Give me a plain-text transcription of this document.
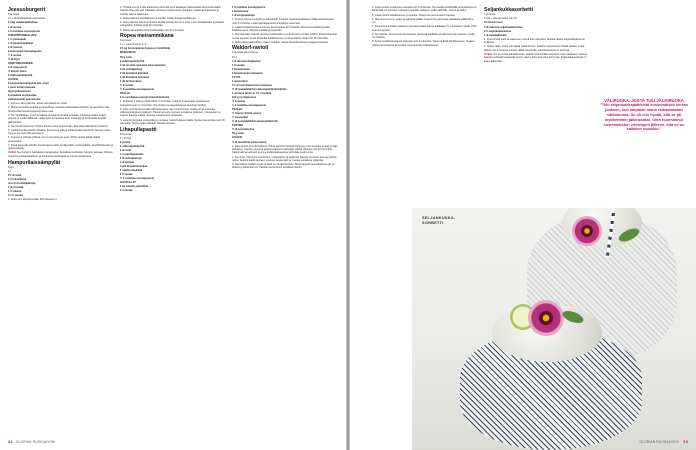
Jeesusburgerit

8 annosta

1 l + sämpylätaikinan kohotukset

1,2 kg naudanjauhelihaa

1 dl suolaa

1 tl ruokiltaa muotsippuria

PUNAPIPPURIHILLOKE

1 rs punasipuli

1 dl punaviinietikkaa

2 dl sokeria

2 kokonaista mustapippuria

¼ tl suolaa

½ dl öljyä

LIMETTIMAJONEESI

2 dl majoneesia

½ limetin mehu

2 valkosipulinkynttä

LISÄKSI

8 hampurilaissämpylää (kts. ohje)

1 pieni keräkyrsänpala

öljyä grillaamiseen

8 viipaletta mozzarellaa

(valinnaisesti) guacamolea

1. Jos teet sämpylät itse, aloita valmistaminen niistä.

2. Muoto jauheliha suolalla ja pippurilla ja muotoile kahdeksaksi pihviksi. Anna pihvien olla huoneenlämmössä kypsentymiseen asti.

3. Tee sipulihilloke. Kuori ja leikkaa punasipuli ohuiksi renkaiksi. Kiehauta etikka, sokeri, pippurit ja suola kattilassa. Lisää sipuli ja kiehauta uusi. Lisää öljy ja sirrä kattila lieydltä jäähtymään.

4. Tee limettimajoneesi. Puristu limetin mehu majoneesiin. Murskaa valkosipulit joukkoon.

5. Leikkaa keräkyrsästä viipaleita. Kuumenna grilli ja grillaa keräkyrsänlehtiin hieman väriä. Kuumenna uuni 200 asteeseen.

6. Kypsennä pihvejä grillissä noin 2 minuuttia per puoli. Pihvit saavat jäädä sisältä punertaviksi.

7. Täytä sämpylät pihvillä, limettimajoneesilla, keräkyrsällä, mozzarellalla, sipulihillokkeella (ja guacamolella).

Vinkki! Tee burgerin hauikkeksi mangosalsa. Sekoittele kuutioidun mangon seksaan chiliä ja muuttuva ruokakuukeltiaan ja kuutioitua punasipulia ja tuoretta korianteria.

Hampurilaissämpylät

8 kpl

2 l

2½ dl vettä

2 rl kuivahiivaa

noin 8 dl vehnäjauhoja

2 dl voisulaa

1 rl sokeria

1½ tl suolaa

1. Sulta uuni lämpenemään 225 asteeseen.

2. Yhdistä vesi ja muita kuihiosia ja lämmitä seos lisäkapan käskemässä lämpimämmäksi. Sekoita hiiva pieneen määrään jauhoja ja sekoita seos joukkoon. Lisää loput ainekset ja sekoita taikina tasaiseksi.

3. Alusta taikinaa pöydällä pari minuuttia. Lisää jauhoja tarvittaessa.

4. Anna taikinan kohota kulhossa liinalla peitettynä noin 1 tunti. Leivo kahdeksaksi pyöreäksi sämpyläksi. Kohota vielä 20 minuuttia.

5. Paista sämpylöitä uunin keskitasolla noin 20 minuuttia.

Ropea meirammikana

8 annosta

1 t + marinoiminen 2–4 t

1½ kg broileripaloja (koipia ja riistafileitä)

MEIRAMIVOI

50 g voita

2 valkosipulinkynttä

2 rkl tuoretta meiramia hienonnettuna

2 rkl vehnäjauhoja

2 rkl kuivattua inkiväriä

1 rkl kuivattua meiramia

1 rkl fariinisokeria

½ tl suolaa

¼ tl ruokiltaa mustapippuria

PAALLE

2 rl sormiliekes-muruja (maissihiutaleita)

1. Kiehauta 1 sekta ja lisää siihen 2 dl suolaa. Leikkaa broileripalat suolalinneen marinoidumaan 2–4 tunniksi. Ota broilerit suolaveddestä ja taputtele kuiviksi.

2. Laita uuni lämpenemään 200 asteeseen. Tee meirammivoi. Sulata voi ja murskaa valkosipulinkynnet joukkoon. Hienonna tuore meirami ja lisää se joukkoon, mausteiden ja sokerin kanssa sulattu. Sekoita meirammivoi tasaiseksi.

3. Laita broileripalat uunipeltille ja murskaa maissihiutaleet päälle. Kypsennä uunissa noin 40 minuuttia. Tarjoa ruoka raikkaan salaatin kanssa.

Lihapullapastti

8 annosta

1 t 10 min

2 sipulia

2 valkosipulinkynttä

1 dl voita

1 rl paprikajauhetta

1 dl vehnäjauhoja

1 dl kermaa

4 prk tomaattimurskaa

1 ruukku basilikaa

1 tl suolaa

½ tl ruokiltaa mustapippuria

LIHAPULLAT

1 kg naudan jauhelihaa

2 tl suolaa

1 tl ruokiltaa mustapippuria

1 kananmuna

1 dl korppujauhoja

1. Kuori ja hienonna sipulit ja valkosipulit. Kuullota sipuleita kattilassa voiöljysekoituksessa noin 5 minuuttia. Lisää paprikajauhetta ja kuullota vielä hetki.

2. Lisää tomaattimurska ja kerma. Anna kiehua 10 minuuttia. Hienonna basilika ja lisää kastikkeeseen. Mausta suolalla ja pippurilla.

3. Tee lihapullat. Sekoita ainekset keskenään ja pyöritä seos pieniksi pulliksi. Paista lihapullat voissa kypsiksi. Lisää lihapullat kastikkeeseen ja anna hautua vielä noin 45 minuuttia.

4. Keitä pasta pakkauksen ohjeen mukaan. Tarjoa lihapullat keitetyn spagetin kanssa.

Waldorf-ravioli

4 annosta alkuruokana

1½ t

4 dl durumvehnäjauhoa

1 tl suolaa

2 kananmunaa

2 kananmunan keltuaista

TÄYTE

1 varsiselleri

1½ dl ruotsalaista hienonnettuna

½ dl (saadahdahlia) valkosipulinkinkaimitulla

1 sitruuna (kuori ja 1½ rl mehua)

150 g ricottajuustoa

½ tl suolaa

¼ tl ruokiltaa mustapippuria

PÄÄLLE

½ Granny Smith) omena

½ varsiselleri

½ dl (saadahdahlia) saksanpähkinöitä

KASTIKE

½ dl omenamehua

50 g voita

LISÄKSI

½ dl raastettua parmesaania

1. Laita jauhot ja suola kulhoon. Paina jauhoon keskelle kuoppa ja riko keskelle munat ja lisää keltuaiset. Sekoita munat ja jauhot tasaiseksi taikinaksi. Alusta taikinaa noin 10 minuuttia. Käärä taikina kelmuun ja anna levätä jääkaapissa vähintään puoli tuntia.

2. Tee täyte. Hienonna varsiselleri, ruotsalainen ja pähkinät. Raasta sitruunan kuori ja purista mehu. Sekoita kaikki täytteen ainekset keskenään ja mausta suolalla ja pippurilla.

3. Jaa taikina neljään osaan ja kauli ne ohuiksi levyiksi. Nosta täytettä teelusikalla levylle ja taita levy kaksinkerroin. Painele reunat kiinni ja leikkaa raviolit.

32 GLORIAN RUOKA&VIINI

4. Keitä raviolit suolatussa vedessä noin 3 minuuttia. Tee kastike keittämällä omenamehua ja lisäämällä voi kylmänä nokareina samalla vatkaten. Lisää pähkinät, omena ja selleri.

5. Lisää raviolit kastikkeeseen ja sekoita. Tarjoa heti parmesaanin kanssa.

6. Hienonna omena, selleri ja pähkinät päälle. Kuumenna pannussa paahdetut pähkinät ja voi.

7. Kuumenna suolalla maustettu vesi kiehuvaksi isossa kattilassa (½ rl suolaa/2 l vettä). Pidä vesi tiivirajoissa.

8. Tee kastike. Kuumenna omenamehu pienessä kattilassa ja vähennä noin puoleen. Lisää voi vatkaten.

9. Keitä raviolit kiehuvassa vedessä noin 2 minuuttia. Valuta ja lisää kastikkeeseen. Raasta päälle parmesaania ja ripottele omena-selleri-pähkinäseos.

Seljankukkasorbetti

4 annosta

5 min + tekeytyminen noin 6 t

1/2 limetti kuori

5 dl valmista seljankukkamehua

2 rl seljankukkamehua

1 dl vaniljajäätelöä

1. Pese limetti kuori ja raasta sen vihreä kuori hienoksi. Sekoita raaste seljankukkamehun joukkoon.

2. Valitse rasia, jonka voit laittaa pakastimeen. Sekoita mehuseos ja kaada rasiaan. Anna jäätyä noin 6 tuntia ja sekoita välillä haarukalla, jotta koostumus on pehmeä.

Vinkki! Jos et omista jäätelökonetta, kaada kuohuviinillä maustettu mehu tasaiseen rasiaan. Sekoita sorbettia haarukalla tunnin välein, jotta siitä tulee pehmeää. Seljankukkasorbetti on ihana jälkiruoka.

VÄLIRUOKA, JOSTA TULI JÄLKIRUOKA
"Tein seljankukkajääkkeitä ensimmäisen kerran juoksen, kun kaipasin maun raikastamaan välitoiminta. Se oli niin hyvää, että se jäi myöhemmin jälkiruoaksi. Olen huomannut ensimmäisten vierailujen jälkeen, että se on kaikkien suosikki."
SELJANKUKKA-
SORBETTI
GLORIAN RUOKA&VIINI 33
